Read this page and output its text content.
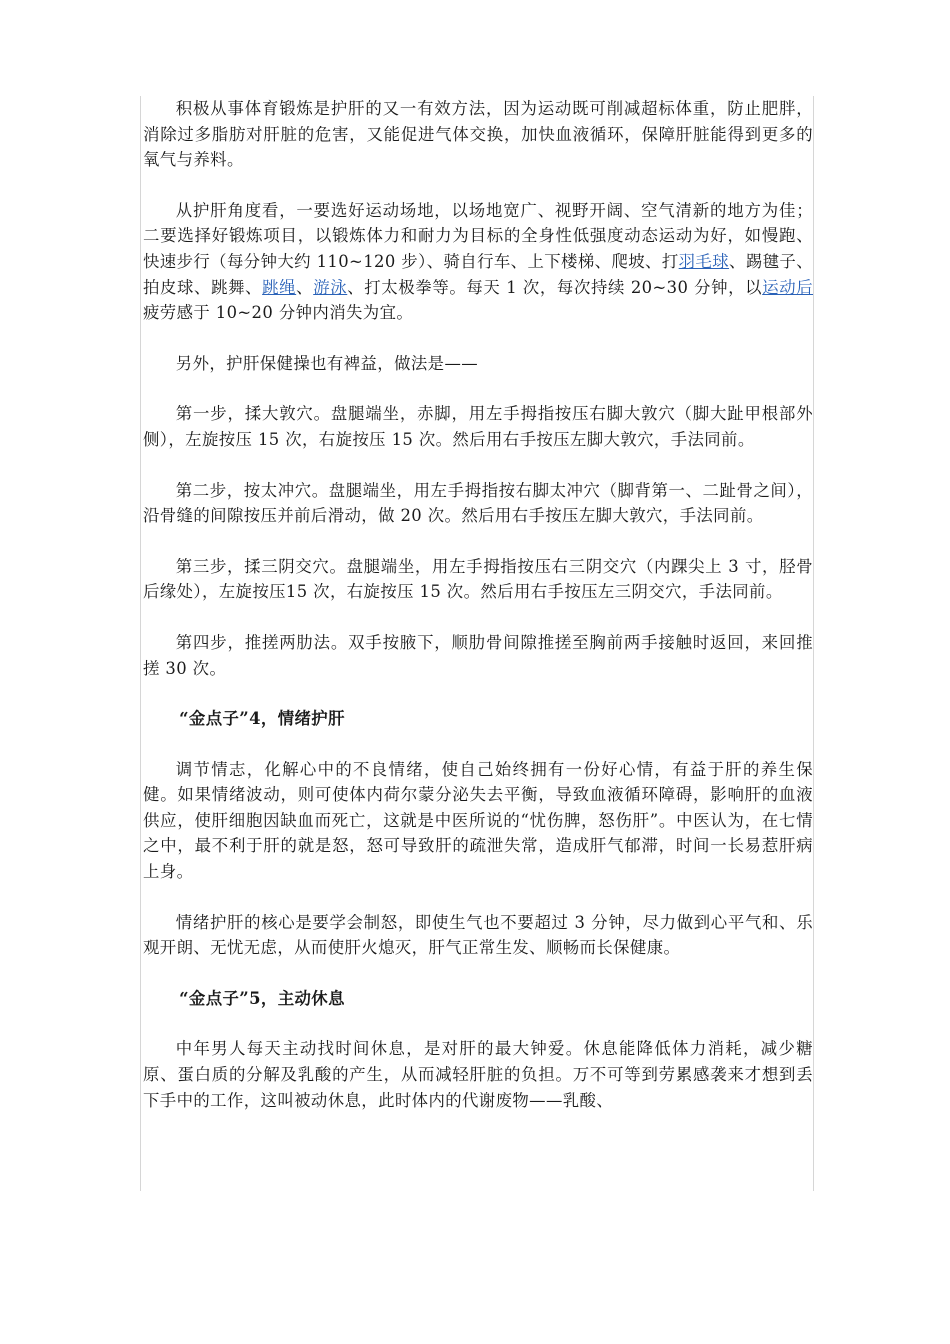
积极从事体育锻炼是护肝的又一有效方法，因为运动既可削减超标体重，防止肥胖，消除过多脂肪对肝脏的危害，又能促进气体交换，加快血液循环，保障肝脏能得到更多的氧气与养料。

从护肝角度看，一要选好运动场地，以场地宽广、视野开阔、空气清新的地方为佳；二要选择好锻炼项目，以锻炼体力和耐力为目标的全身性低强度动态运动为好，如慢跑、快速步行（每分钟大约 110~120 步）、骑自行车、上下楼梯、爬坡、打羽毛球、踢毽子、拍皮球、跳舞、跳绳、游泳、打太极拳等。每天 1 次，每次持续 20~30 分钟，以运动后疲劳感于 10~20 分钟内消失为宜。

另外，护肝保健操也有裨益，做法是——

第一步，揉大敦穴。盘腿端坐，赤脚，用左手拇指按压右脚大敦穴（脚大趾甲根部外侧），左旋按压 15 次，右旋按压 15 次。然后用右手按压左脚大敦穴，手法同前。

第二步，按太冲穴。盘腿端坐，用左手拇指按右脚太冲穴（脚背第一、二趾骨之间），沿骨缝的间隙按压并前后滑动，做 20 次。然后用右手按压左脚大敦穴，手法同前。

第三步，揉三阴交穴。盘腿端坐，用左手拇指按压右三阴交穴（内踝尖上 3 寸，胫骨后缘处），左旋按压15 次，右旋按压 15 次。然后用右手按压左三阴交穴，手法同前。

第四步，推搓两肋法。双手按腋下，顺肋骨间隙推搓至胸前两手接触时返回，来回推搓 30 次。

“金点子”4，情绪护肝

调节情志，化解心中的不良情绪，使自己始终拥有一份好心情，有益于肝的养生保健。如果情绪波动，则可使体内荷尔蒙分泌失去平衡，导致血液循环障碍，影响肝的血液供应，使肝细胞因缺血而死亡，这就是中医所说的“忧伤脾，怒伤肝”。中医认为，在七情之中，最不利于肝的就是怒，怒可导致肝的疏泄失常，造成肝气郁滞，时间一长易惹肝病上身。

情绪护肝的核心是要学会制怒，即使生气也不要超过 3 分钟，尽力做到心平气和、乐观开朗、无忧无虑，从而使肝火熄灭，肝气正常生发、顺畅而长保健康。

“金点子”5，主动休息

中年男人每天主动找时间休息，是对肝的最大钟爱。休息能降低体力消耗，减少糖原、蛋白质的分解及乳酸的产生，从而减轻肝脏的负担。万不可等到劳累感袭来才想到丢下手中的工作，这叫被动休息，此时体内的代谢废物——乳酸、
